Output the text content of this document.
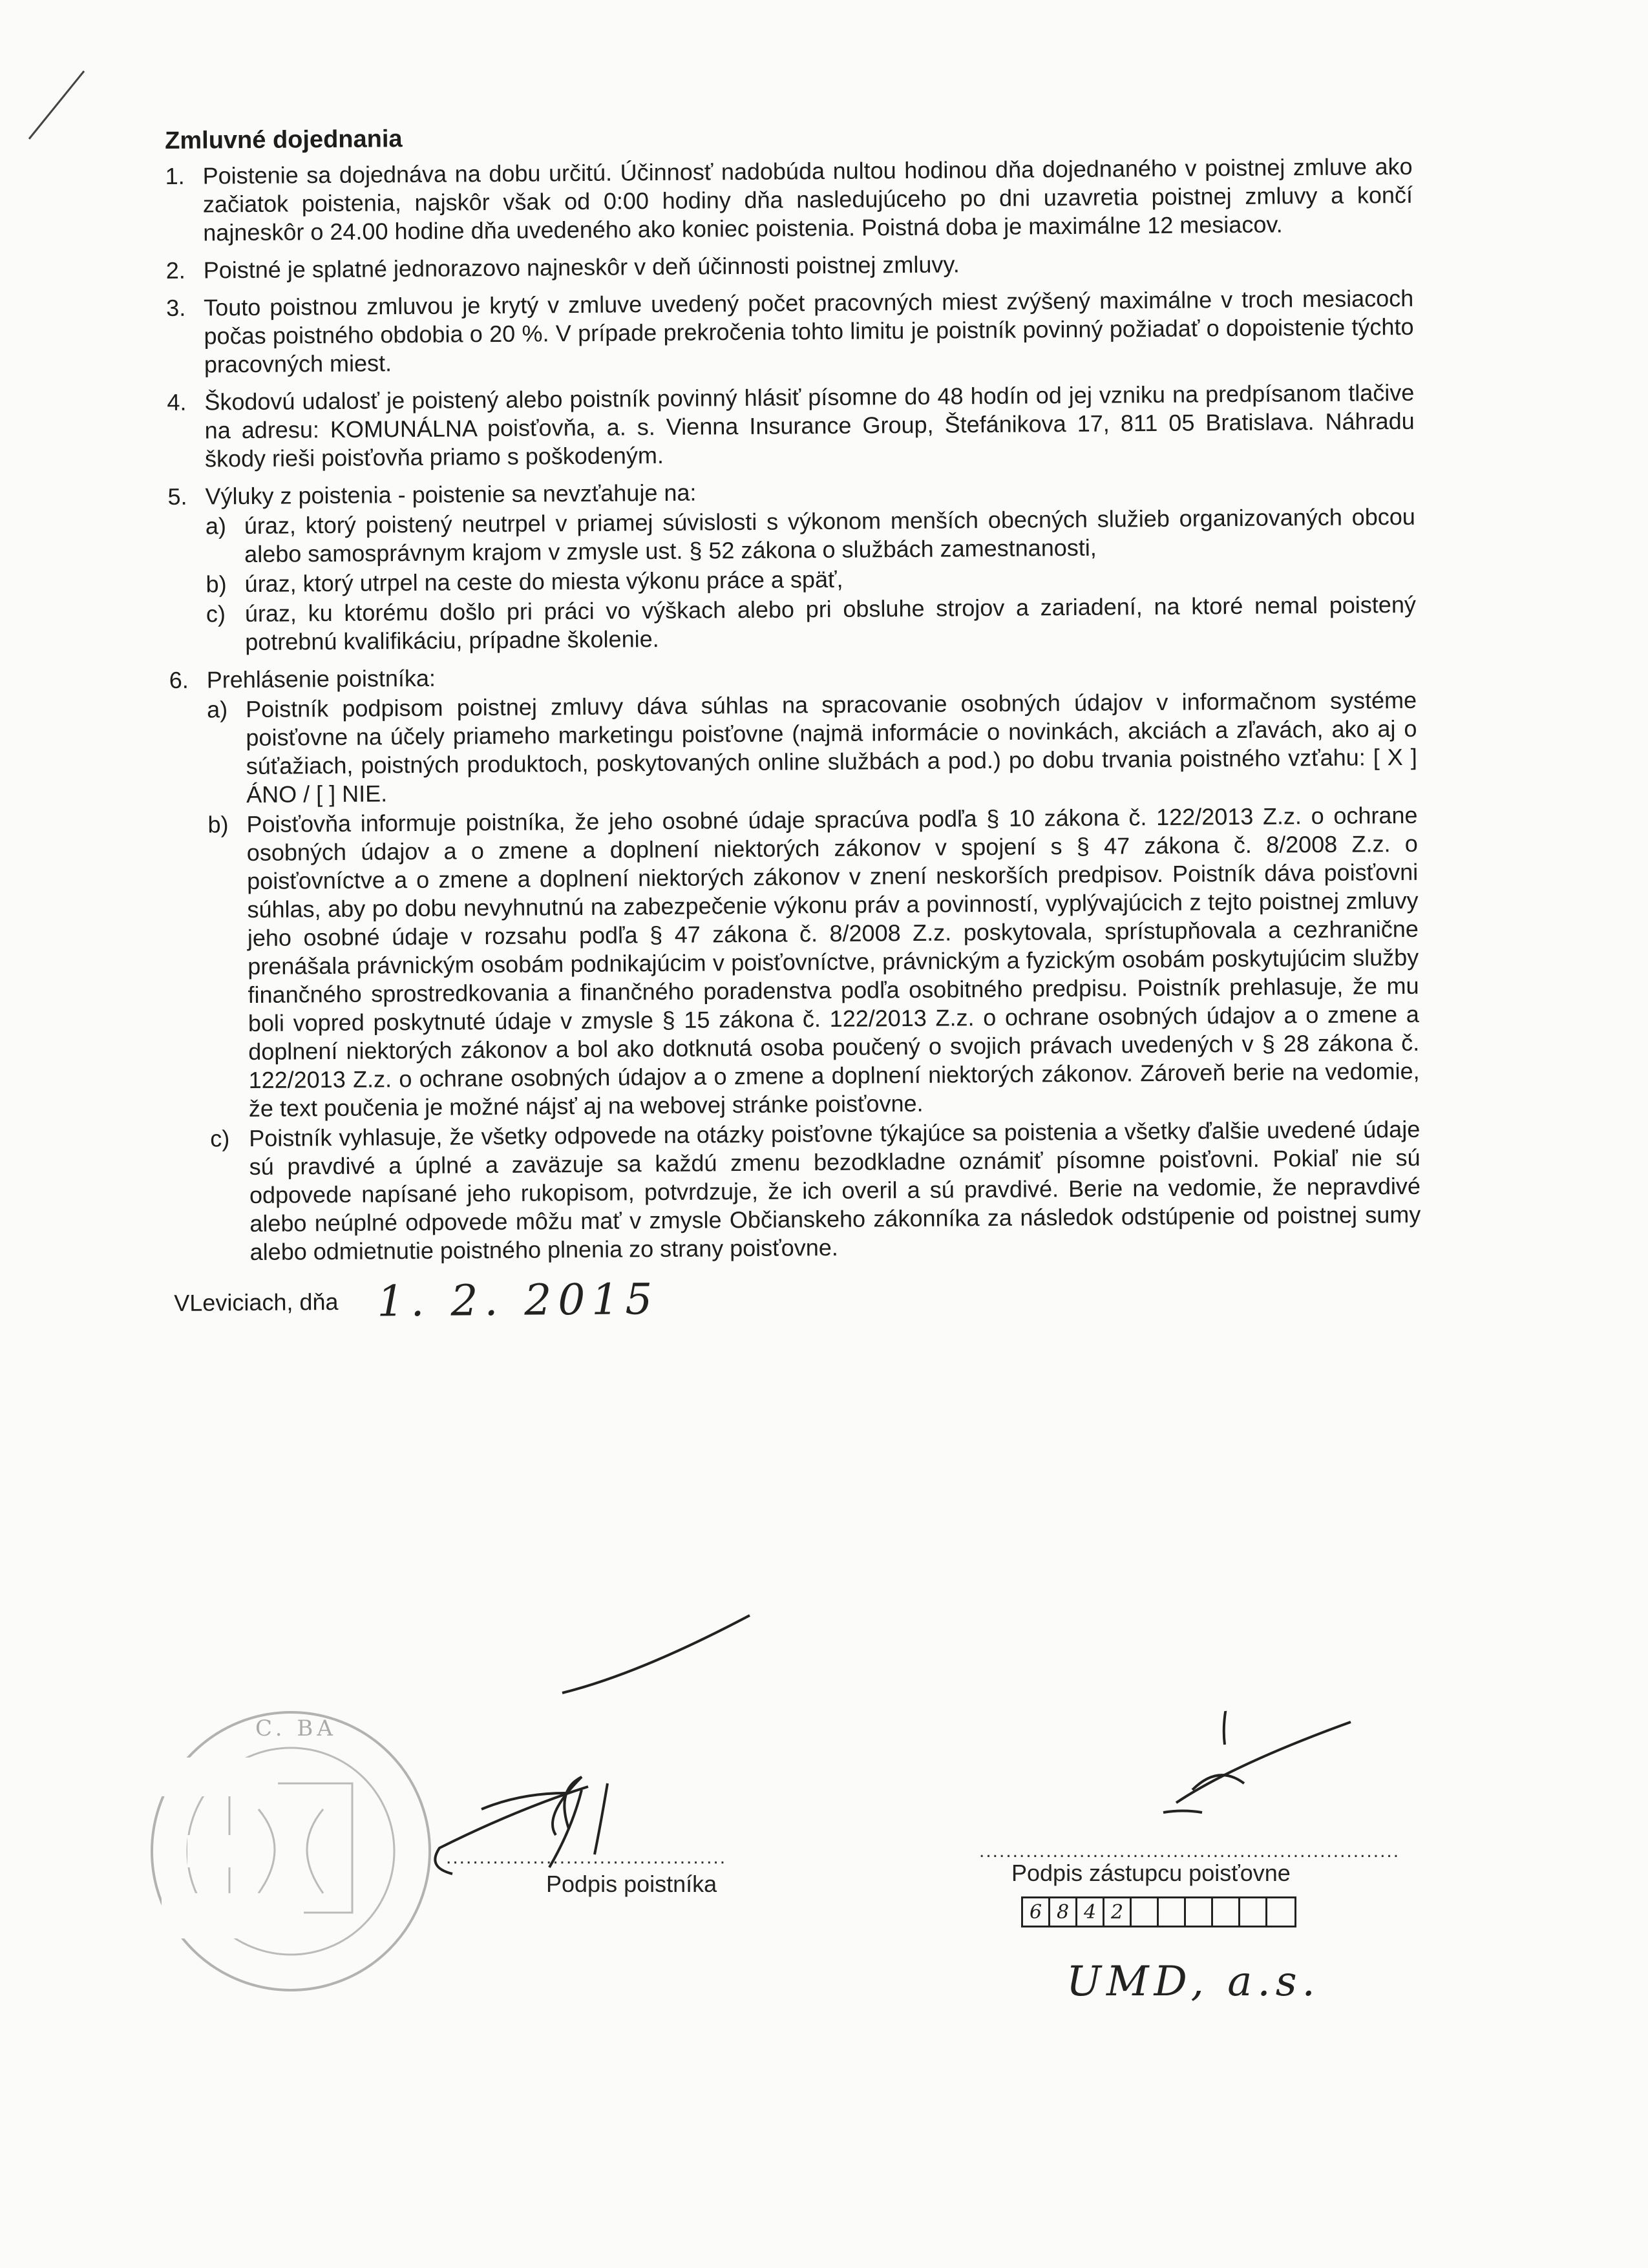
Zmluvné dojednania
1. Poistenie sa dojednáva na dobu určitú. Účinnosť nadobúda nultou hodinou dňa dojednaného v poistnej zmluve ako začiatok poistenia, najskôr však od 0:00 hodiny dňa nasledujúceho po dni uzavretia poistnej zmluvy a končí najneskôr o 24.00 hodine dňa uvedeného ako koniec poistenia. Poistná doba je maximálne 12 mesiacov.
2. Poistné je splatné jednorazovo najneskôr v deň účinnosti poistnej zmluvy.
3. Touto poistnou zmluvou je krytý v zmluve uvedený počet pracovných miest zvýšený maximálne v troch mesiacoch počas poistného obdobia o 20 %. V prípade prekročenia tohto limitu je poistník povinný požiadať o dopoistenie týchto pracovných miest.
4. Škodovú udalosť je poistený alebo poistník povinný hlásiť písomne do 48 hodín od jej vzniku na predpísanom tlačive na adresu: KOMUNÁLNA poisťovňa, a. s. Vienna Insurance Group, Štefánikova 17, 811 05 Bratislava. Náhradu škody rieši poisťovňa priamo s poškodeným.
5. Výluky z poistenia - poistenie sa nevzťahuje na:
a) úraz, ktorý poistený neutrpel v priamej súvislosti s výkonom menších obecných služieb organizovaných obcou alebo samosprávnym krajom v zmysle ust. § 52 zákona o službách zamestnanosti,
b) úraz, ktorý utrpel na ceste do miesta výkonu práce a späť,
c) úraz, ku ktorému došlo pri práci vo výškach alebo pri obsluhe strojov a zariadení, na ktoré nemal poistený potrebnú kvalifikáciu, prípadne školenie.
6. Prehlásenie poistníka:
a) Poistník podpisom poistnej zmluvy dáva súhlas na spracovanie osobných údajov v informačnom systéme poisťovne na účely priameho marketingu poisťovne (najmä informácie o novinkách, akciách a zľavách, ako aj o súťažiach, poistných produktoch, poskytovaných online službách a pod.) po dobu trvania poistného vzťahu: [ X ] ÁNO / [ ] NIE.
b) Poisťovňa informuje poistníka, že jeho osobné údaje spracúva podľa § 10 zákona č. 122/2013 Z.z. o ochrane osobných údajov a o zmene a doplnení niektorých zákonov v spojení s § 47 zákona č. 8/2008 Z.z. o poisťovníctve a o zmene a doplnení niektorých zákonov v znení neskorších predpisov. Poistník dáva poisťovni súhlas, aby po dobu nevyhnutnú na zabezpečenie výkonu práv a povinností, vyplývajúcich z tejto poistnej zmluvy jeho osobné údaje v rozsahu podľa § 47 zákona č. 8/2008 Z.z. poskytovala, sprístupňovala a cezhranične prenášala právnickým osobám podnikajúcim v poisťovníctve, právnickým a fyzickým osobám poskytujúcim služby finančného sprostredkovania a finančného poradenstva podľa osobitného predpisu. Poistník prehlasuje, že mu boli vopred poskytnuté údaje v zmysle § 15 zákona č. 122/2013 Z.z. o ochrane osobných údajov a o zmene a doplnení niektorých zákonov a bol ako dotknutá osoba poučený o svojich právach uvedených v § 28 zákona č. 122/2013 Z.z. o ochrane osobných údajov a o zmene a doplnení niektorých zákonov. Zároveň berie na vedomie, že text poučenia je možné nájsť aj na webovej stránke poisťovne.
c) Poistník vyhlasuje, že všetky odpovede na otázky poisťovne týkajúce sa poistenia a všetky ďalšie uvedené údaje sú pravdivé a úplné a zaväzuje sa každú zmenu bezodkladne oznámiť písomne poisťovni. Pokiaľ nie sú odpovede napísané jeho rukopisom, potvrdzuje, že ich overil a sú pravdivé. Berie na vedomie, že nepravdivé alebo neúplné odpovede môžu mať v zmysle Občianskeho zákonníka za následok odstúpenie od poistnej sumy alebo odmietnutie poistného plnenia zo strany poisťovne.
VLeviciach, dňa 1. 2. 2015
..........................................
Podpis poistníka
...............................................................
Podpis zástupcu poisťovne
6 8 4 2
UMD, a.s.
C. BA
